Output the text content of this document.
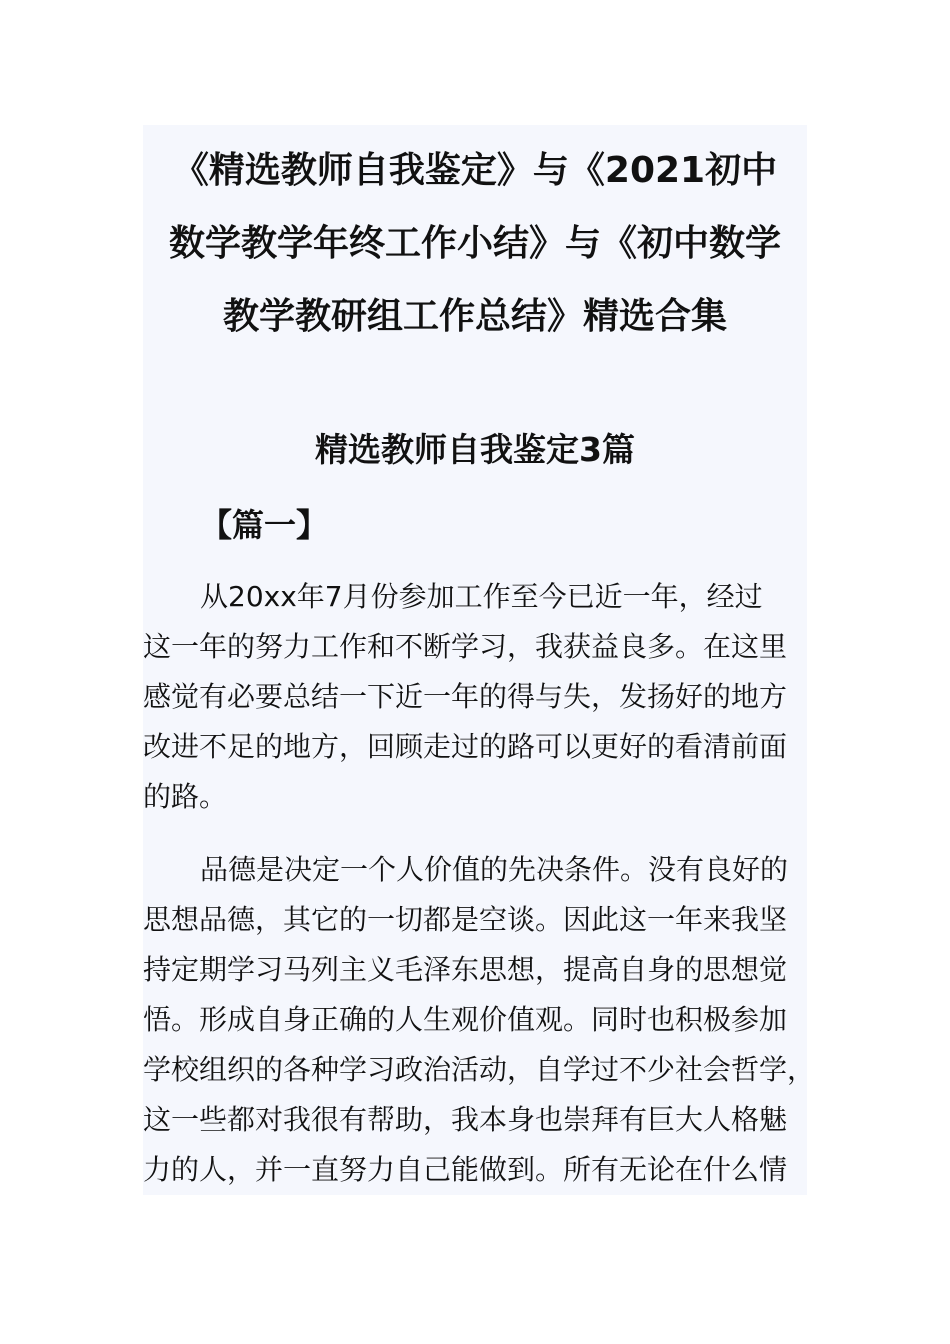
《精选教师自我鉴定》与《2021初中
数学教学年终工作小结》与《初中数学
教学教研组工作总结》精选合集
精选教师自我鉴定3篇
【篇一】

从20xx年7月份参加工作至今已近一年，经过
这一年的努力工作和不断学习，我获益良多。在这里
感觉有必要总结一下近一年的得与失，发扬好的地方
改进不足的地方，回顾走过的路可以更好的看清前面
的路。

品德是决定一个人价值的先决条件。没有良好的
思想品德，其它的一切都是空谈。因此这一年来我坚
持定期学习马列主义毛泽东思想，提高自身的思想觉
悟。形成自身正确的人生观价值观。同时也积极参加
学校组织的各种学习政治活动，自学过不少社会哲学，
这一些都对我很有帮助，我本身也崇拜有巨大人格魅
力的人，并一直努力自己能做到。所有无论在什么情
